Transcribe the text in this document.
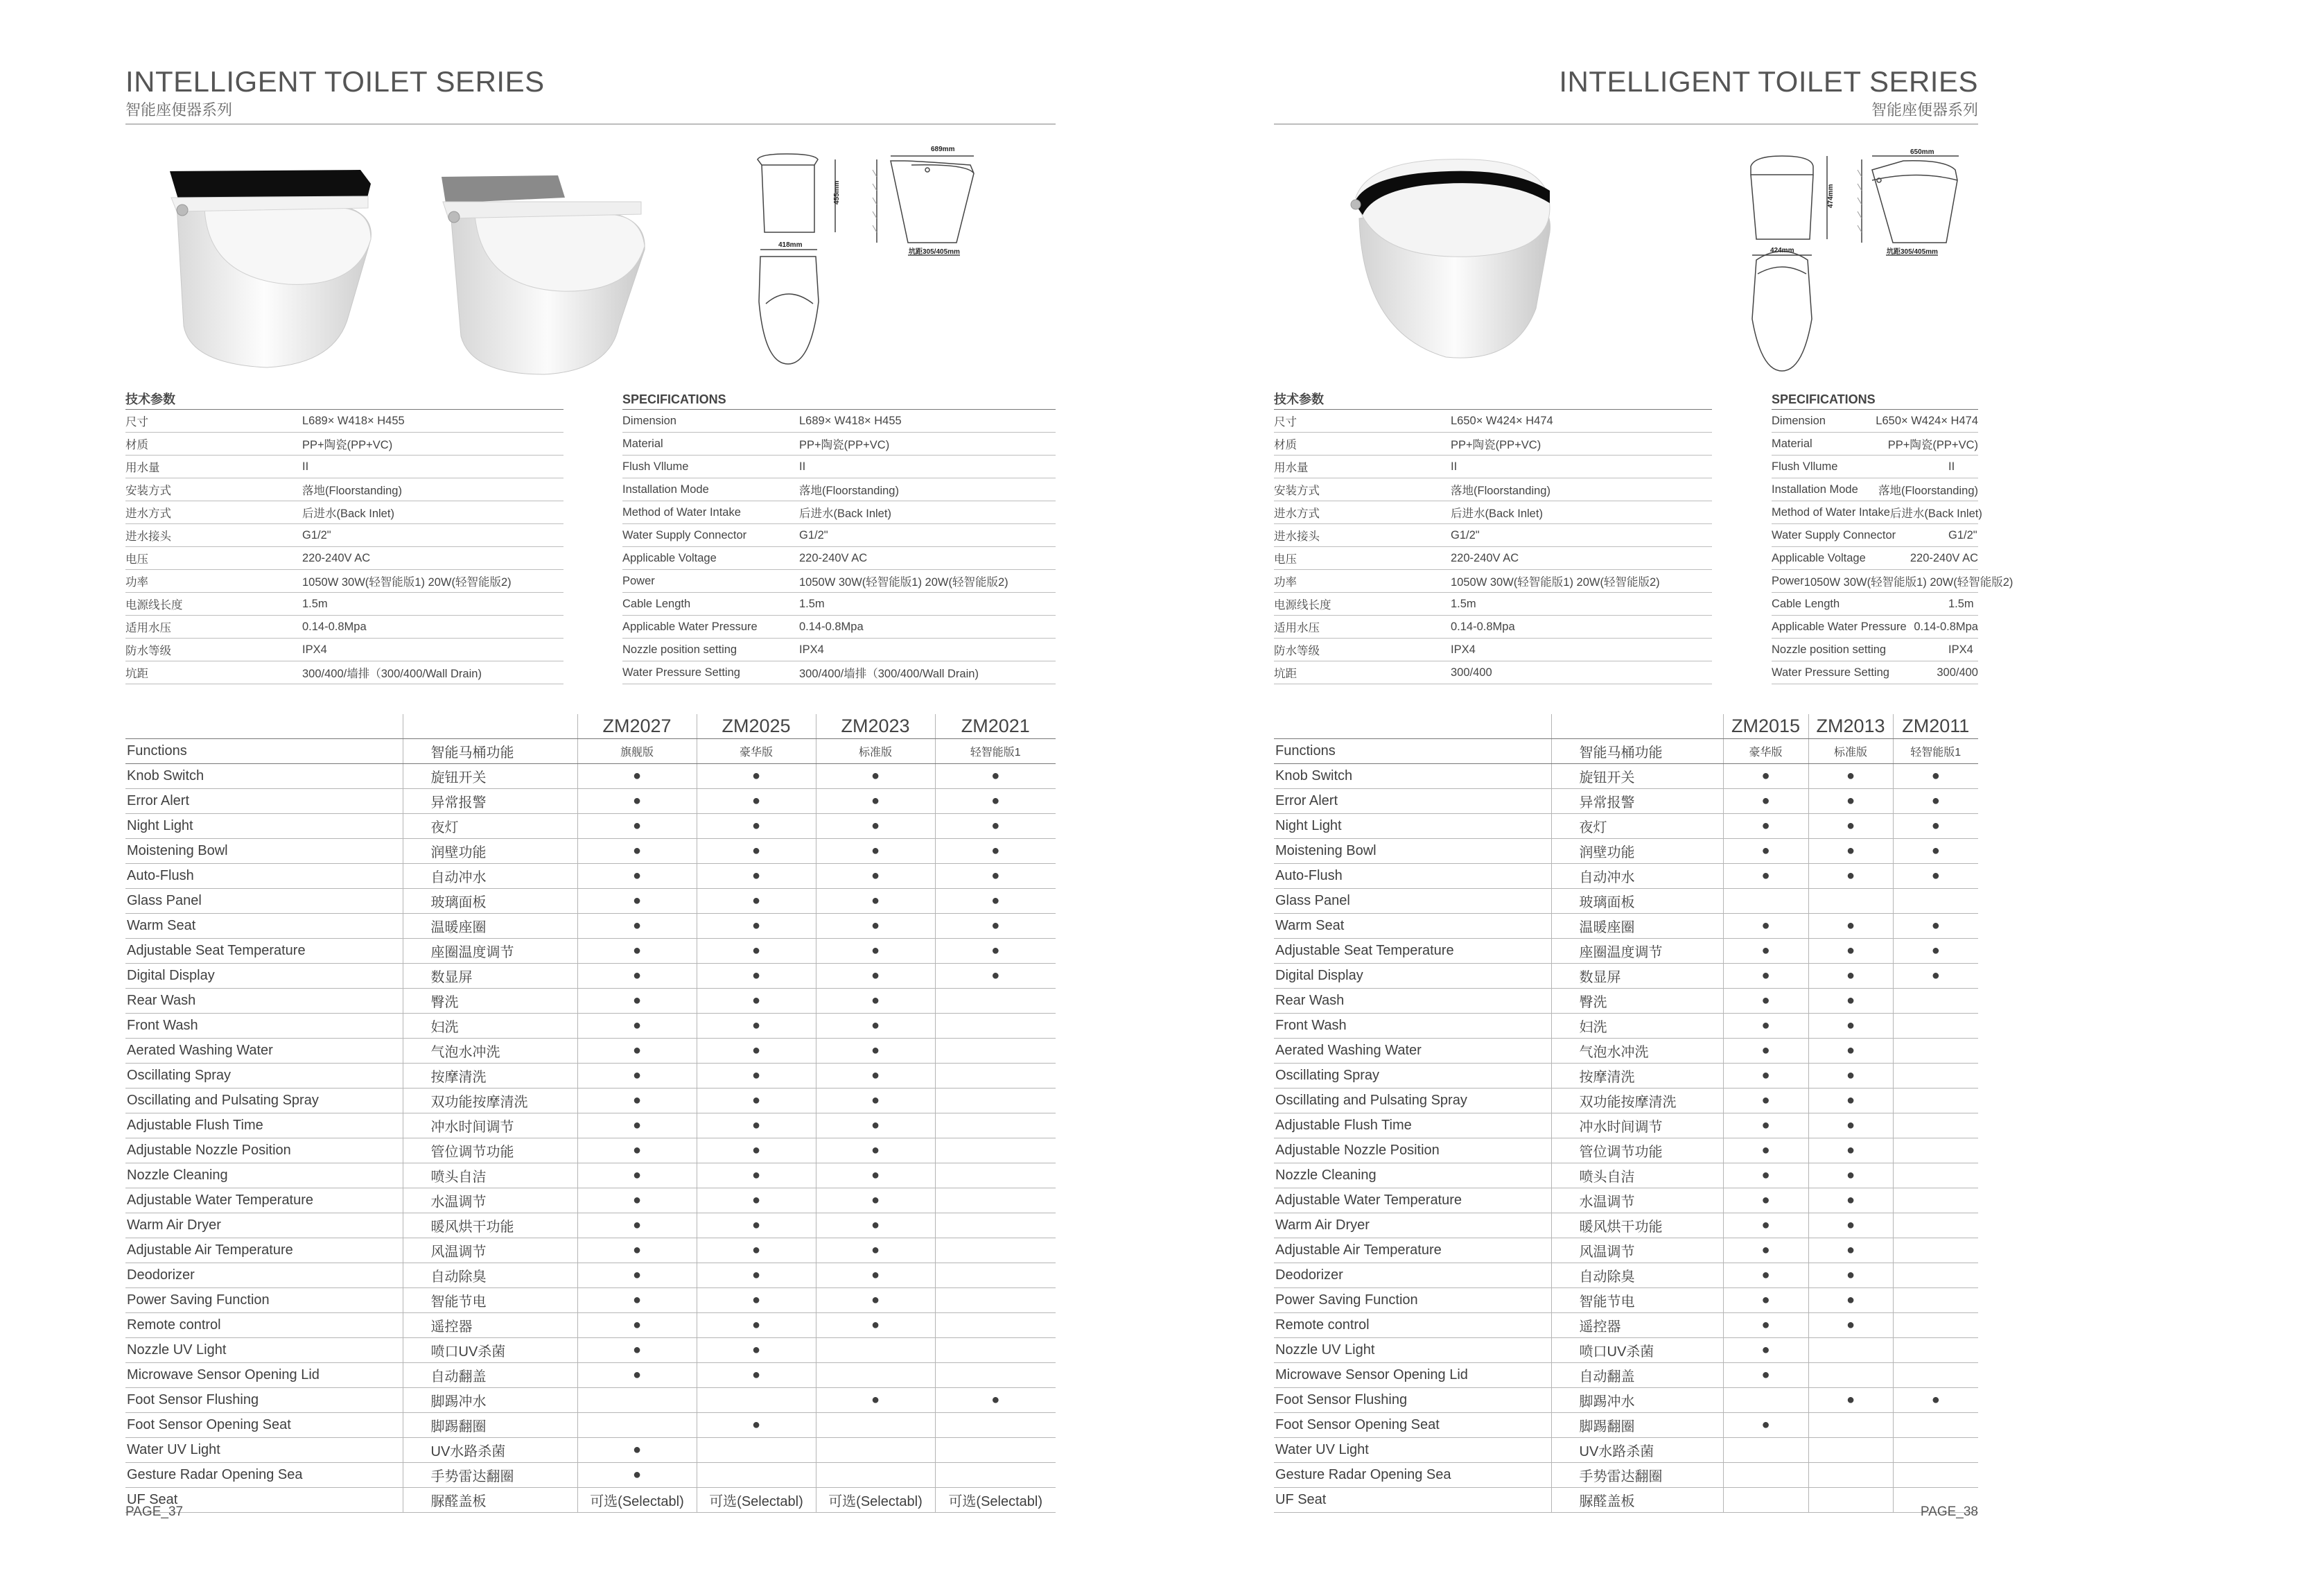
INTELLIGENT TOILET SERIES
智能座便器系列
689mm
455mm
418mm
坑距305/405mm
技术参数
尺寸	L689× W418× H455
材质	PP+陶瓷(PP+VC)
用水量	II
安装方式	落地(Floorstanding)
进水方式	后进水(Back Inlet)
进水接头	G1/2"
电压	220-240V AC
功率	1050W 30W(轻智能版1) 20W(轻智能版2)
电源线长度	1.5m
适用水压	0.14-0.8Mpa
防水等级	IPX4
坑距	300/400/墙排（300/400/Wall Drain)
SPECIFICATIONS
Dimension	L689× W418× H455
Material	PP+陶瓷(PP+VC)
Flush Vllume	II
Installation Mode	落地(Floorstanding)
Method of Water Intake	后进水(Back Inlet)
Water Supply Connector	G1/2"
Applicable Voltage	220-240V AC
Power	1050W 30W(轻智能版1) 20W(轻智能版2)
Cable Length	1.5m
Applicable Water Pressure	0.14-0.8Mpa
Nozzle position setting	IPX4
Water Pressure Setting	300/400/墙排（300/400/Wall Drain)
		ZM2027	ZM2025	ZM2023	ZM2021
Functions	智能马桶功能	旗舰版	豪华版	标准版	轻智能版1
Knob Switch	旋钮开关	●	●	●	●
Error Alert	异常报警	●	●	●	●
Night Light	夜灯	●	●	●	●
Moistening Bowl	润壁功能	●	●	●	●
Auto-Flush	自动冲水	●	●	●	●
Glass Panel	玻璃面板	●	●	●	●
Warm Seat	温暖座圈	●	●	●	●
Adjustable Seat Temperature	座圈温度调节	●	●	●	●
Digital Display	数显屏	●	●	●	●
Rear Wash	臀洗	●	●	●	
Front Wash	妇洗	●	●	●	
Aerated Washing Water	气泡水冲洗	●	●	●	
Oscillating Spray	按摩清洗	●	●	●	
Oscillating and Pulsating Spray	双功能按摩清洗	●	●	●	
Adjustable Flush Time	冲水时间调节	●	●	●	
Adjustable Nozzle Position	管位调节功能	●	●	●	
Nozzle Cleaning	喷头自洁	●	●	●	
Adjustable Water Temperature	水温调节	●	●	●	
Warm Air Dryer	暖风烘干功能	●	●	●	
Adjustable Air Temperature	风温调节	●	●	●	
Deodorizer	自动除臭	●	●	●	
Power Saving Function	智能节电	●	●	●	
Remote control	遥控器	●	●	●	
Nozzle UV Light	喷口UV杀菌	●	●		
Microwave Sensor Opening Lid	自动翻盖	●	●		
Foot Sensor Flushing	脚踢冲水			●	●
Foot Sensor Opening Seat	脚踢翻圈		●		
Water UV Light	UV水路杀菌	●			
Gesture Radar Opening Sea	手势雷达翻圈	●			
UF Seat	脲醛盖板	可选(Selectabl)	可选(Selectabl)	可选(Selectabl)	可选(Selectabl)
PAGE_37
INTELLIGENT TOILET SERIES
智能座便器系列
650mm
474mm
424mm	坑距305/405mm
技术参数
尺寸	L650× W424× H474
材质	PP+陶瓷(PP+VC)
用水量	II
安装方式	落地(Floorstanding)
进水方式	后进水(Back Inlet)
进水接头	G1/2"
电压	220-240V AC
功率	1050W 30W(轻智能版1) 20W(轻智能版2)
电源线长度	1.5m
适用水压	0.14-0.8Mpa
防水等级	IPX4
坑距	300/400
SPECIFICATIONS
Dimension	L650× W424× H474
Material	PP+陶瓷(PP+VC)
Flush Vllume	II
Installation Mode	落地(Floorstanding)
Method of Water Intake 后进水(Back Inlet)
Water Supply Connector	G1/2"
Applicable Voltage	220-240V AC
Power 1050W 30W(轻智能版1) 20W(轻智能版2)
Cable Length	1.5m
Applicable Water Pressure 0.14-0.8Mpa
Nozzle position setting	IPX4
Water Pressure Setting	300/400
		ZM2015	ZM2013	ZM2011
Functions	智能马桶功能	豪华版	标准版	轻智能版1
Knob Switch	旋钮开关	●	●	●
Error Alert	异常报警	●	●	●
Night Light	夜灯	●	●	●
Moistening Bowl	润壁功能	●	●	●
Auto-Flush	自动冲水	●	●	●
Glass Panel	玻璃面板			
Warm Seat	温暖座圈	●	●	●
Adjustable Seat Temperature	座圈温度调节	●	●	●
Digital Display	数显屏	●	●	●
Rear Wash	臀洗	●	●	
Front Wash	妇洗	●	●	
Aerated Washing Water	气泡水冲洗	●	●	
Oscillating Spray	按摩清洗	●	●	
Oscillating and Pulsating Spray	双功能按摩清洗	●	●	
Adjustable Flush Time	冲水时间调节	●	●	
Adjustable Nozzle Position	管位调节功能	●	●	
Nozzle Cleaning	喷头自洁	●	●	
Adjustable Water Temperature	水温调节	●	●	
Warm Air Dryer	暖风烘干功能	●	●	
Adjustable Air Temperature	风温调节	●	●	
Deodorizer	自动除臭	●	●	
Power Saving Function	智能节电	●	●	
Remote control	遥控器	●	●	
Nozzle UV Light	喷口UV杀菌	●		
Microwave Sensor Opening Lid	自动翻盖	●		
Foot Sensor Flushing	脚踢冲水		●	●
Foot Sensor Opening Seat	脚踢翻圈	●		
Water UV Light	UV水路杀菌			
Gesture Radar Opening Sea	手势雷达翻圈			
UF Seat	脲醛盖板			
PAGE_38
